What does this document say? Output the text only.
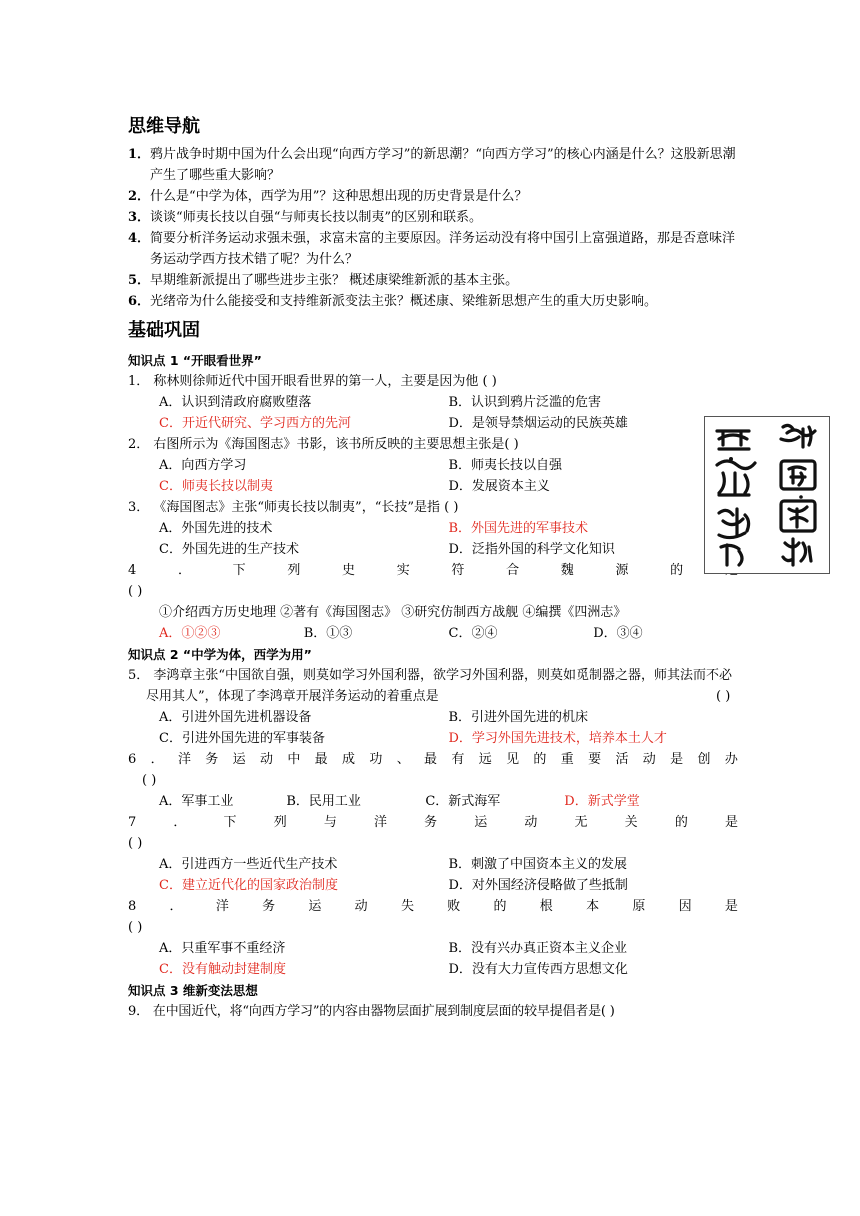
思维导航
1． 鸦片战争时期中国为什么会出现“向西方学习”的新思潮？“向西方学习”的核心内涵是什么？这股新思潮产生了哪些重大影响？
2． 什么是“中学为体，西学为用”？这种思想出现的历史背景是什么？
3． 谈谈“师夷长技以自强“与师夷长技以制夷”的区别和联系。
4． 简要分析洋务运动求强未强，求富未富的主要原因。洋务运动没有将中国引上富强道路，那是否意味洋务运动学西方技术错了呢？为什么？
5． 早期维新派提出了哪些进步主张？ 概述康梁维新派的基本主张。
6． 光绪帝为什么能接受和支持维新派变法主张？概述康、梁维新思想产生的重大历史影响。
基础巩固
知识点 1 “开眼看世界”
1． 称林则徐师近代中国开眼看世界的第一人，主要是因为他 ( )
A．认识到清政府腐败堕落	B．认识到鸦片泛滥的危害
C．开近代研究、学习西方的先河	D．是领导禁烟运动的民族英雄
2． 右图所示为《海国图志》书影，该书所反映的主要思想主张是( )
A．向西方学习	B．师夷长技以自强
C．师夷长技以制夷	D．发展资本主义
3． 《海国图志》主张“师夷长技以制夷”，“长技”是指 ( )
A．外国先进的技术	B．外国先进的军事技术
C．外国先进的生产技术	D．泛指外国的科学文化知识
4	．	下	列	史	实	符	合	魏	源	的
( )
①介绍西方历史地理 ②著有《海国图志》 ③研究仿制西方战舰 ④编撰《四洲志》
A．①②③	B．①③	C．②④	D．③④
知识点 2 “中学为体，西学为用”
5． 李鸿章主张“中国欲自强，则莫如学习外国利器，欲学习外国利器，则莫如觅制器之器，师其法而不必尽用其人”，体现了李鸿章开展洋务运动的着重点是	( )
A．引进外国先进机器设备	B．引进外国先进的机床
C．引进外国先进的军事装备	D．学习外国先进技术，培养本土人才
6 ． 洋 务 运 动 中 最 成 功 、 最 有 远 见 的 重 要 活 动 是 创 办
( )
A．军事工业	B．民用工业	C．新式海军	D．新式学堂
7	．	下	列	与	洋	务	运	动	无	关	的	是
( )
A．引进西方一些近代生产技术	B．刺激了中国资本主义的发展
C．建立近代化的国家政治制度	D．对外国经济侵略做了些抵制
8	．	洋	务	运	动	失	败	的	根	本	原	因	是
( )
A．只重军事不重经济	B．没有兴办真正资本主义企业
C．没有触动封建制度	D．没有大力宣传西方思想文化
知识点 3 维新变法思想
9． 在中国近代，将“向西方学习”的内容由器物层面扩展到制度层面的较早提倡者是( )
